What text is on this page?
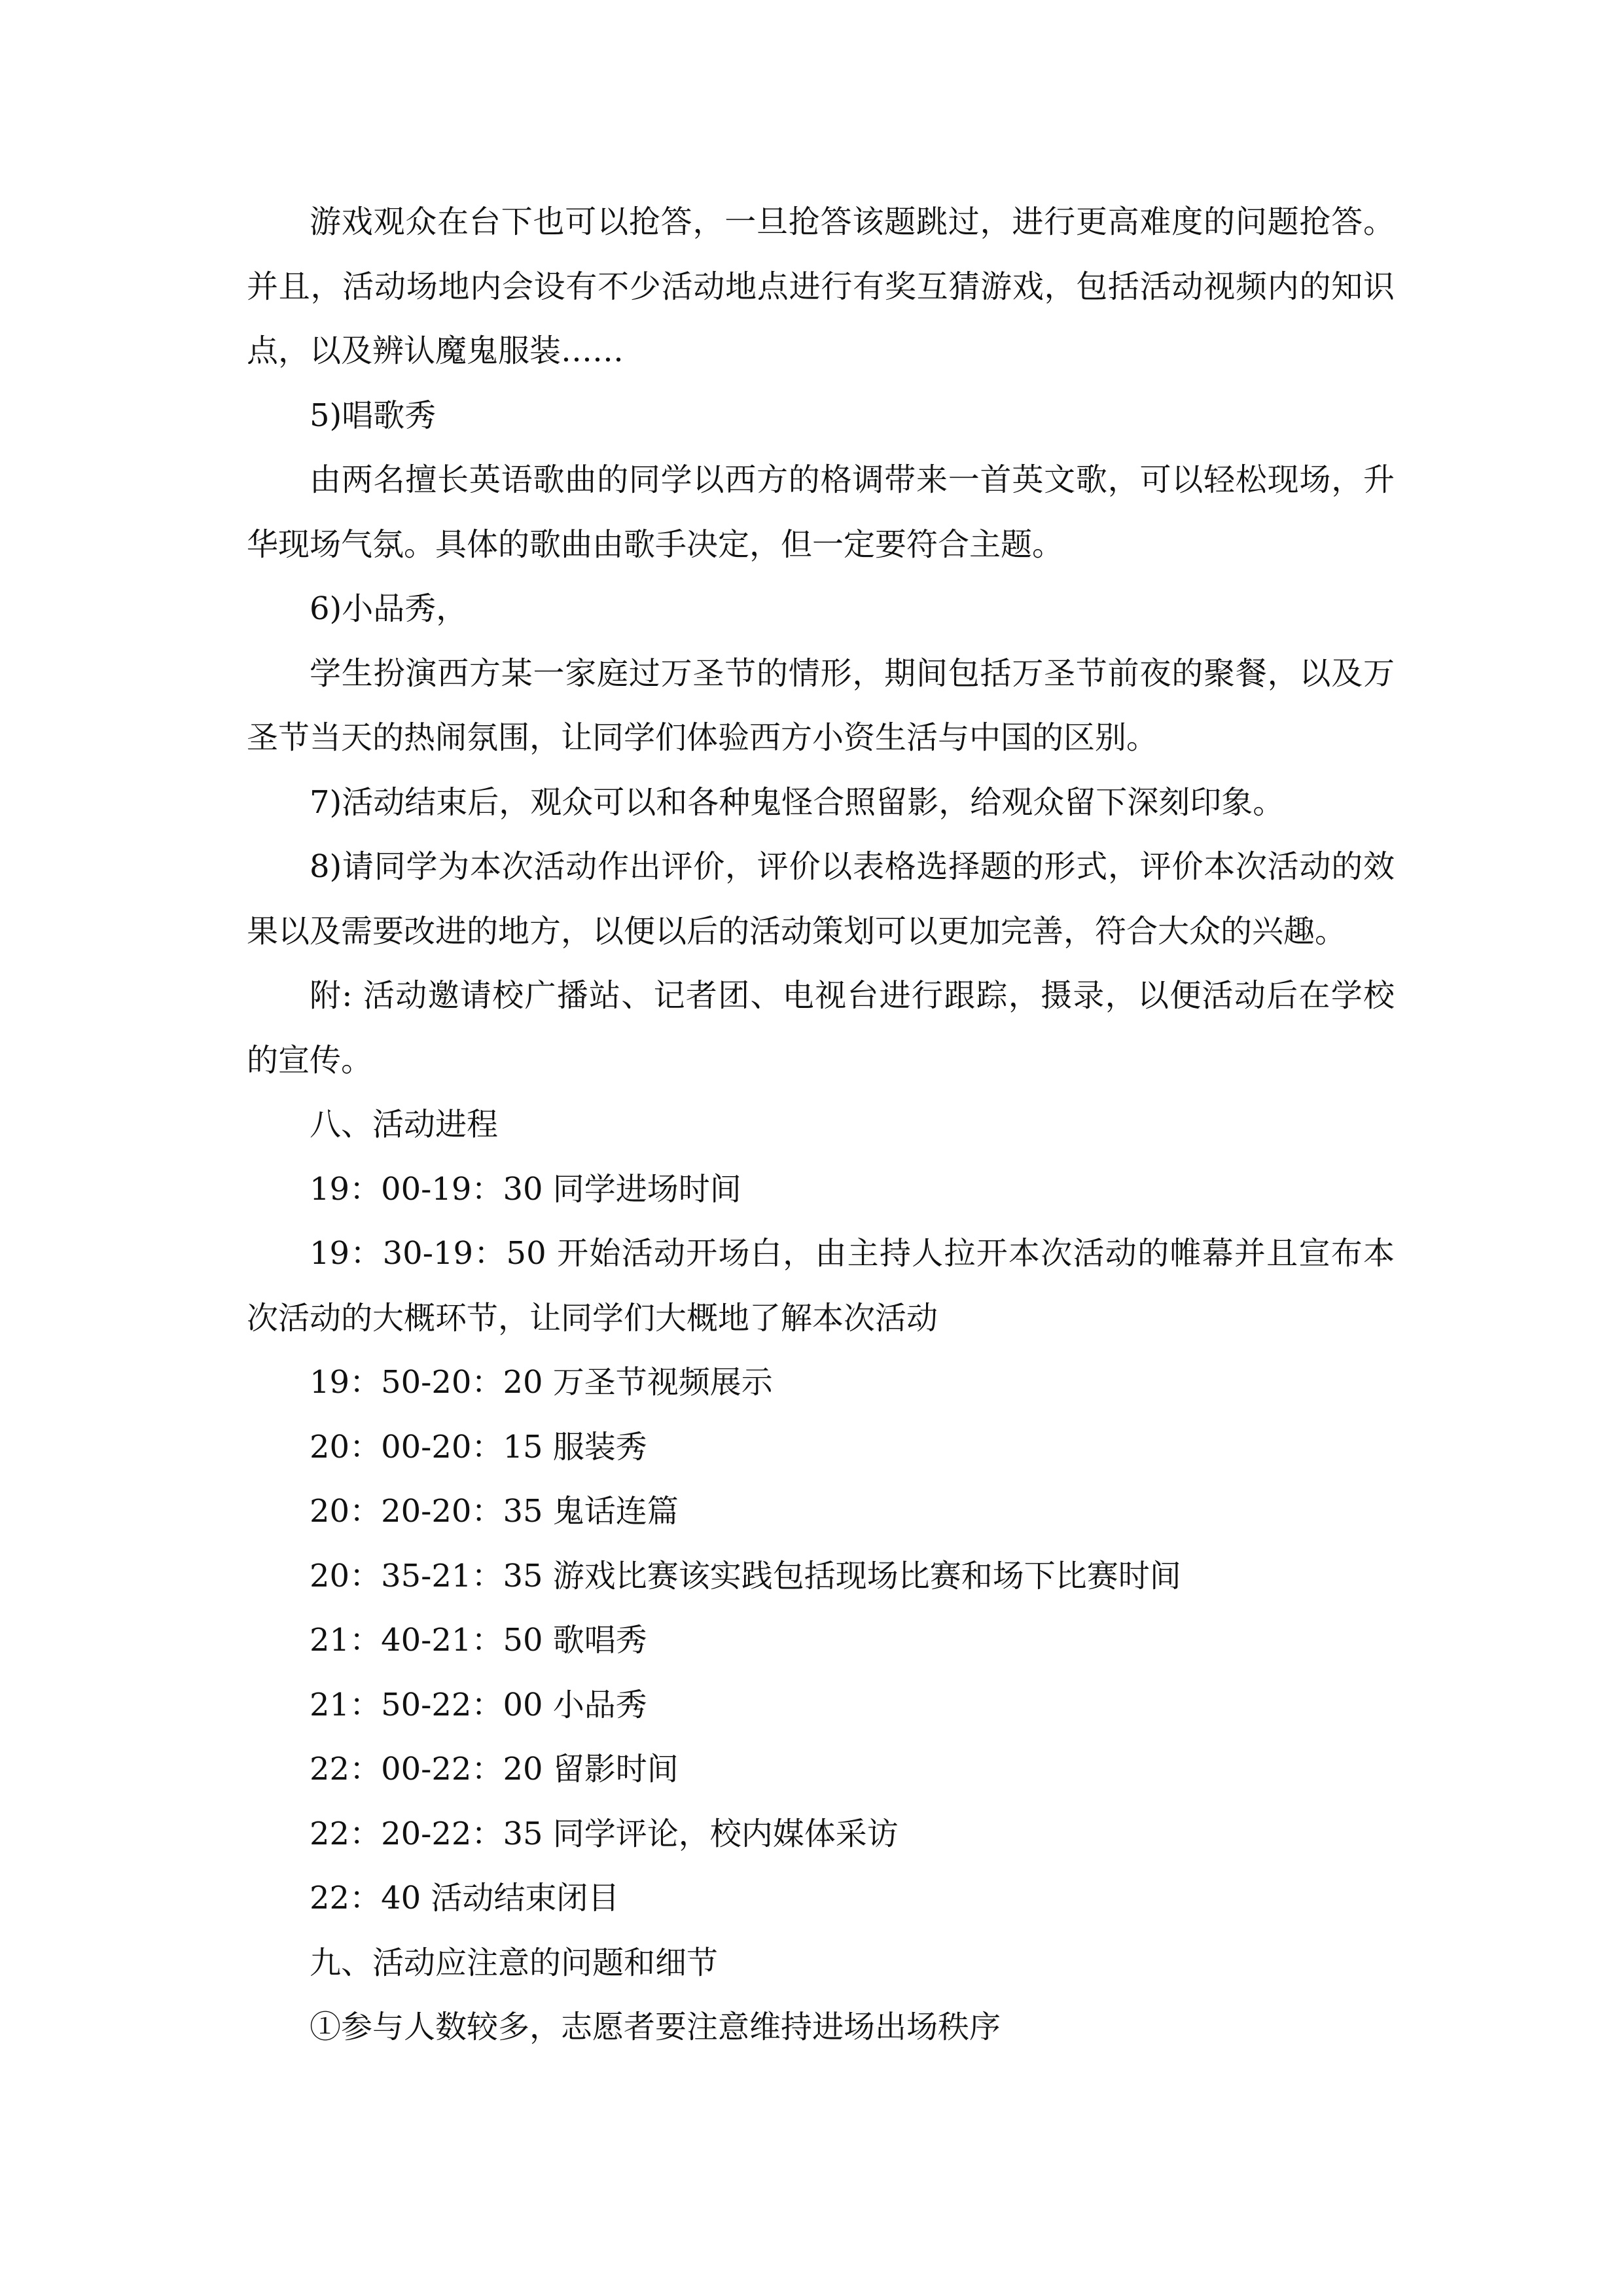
游戏观众在台下也可以抢答，一旦抢答该题跳过，进行更高难度的问题抢答。并且，活动场地内会设有不少活动地点进行有奖互猜游戏，包括活动视频内的知识点，以及辨认魔鬼服装……

5)唱歌秀

由两名擅长英语歌曲的同学以西方的格调带来一首英文歌，可以轻松现场，升华现场气氛。具体的歌曲由歌手决定，但一定要符合主题。

6)小品秀，

学生扮演西方某一家庭过万圣节的情形，期间包括万圣节前夜的聚餐，以及万圣节当天的热闹氛围，让同学们体验西方小资生活与中国的区别。

7)活动结束后，观众可以和各种鬼怪合照留影，给观众留下深刻印象。

8)请同学为本次活动作出评价，评价以表格选择题的形式，评价本次活动的效果以及需要改进的地方，以便以后的活动策划可以更加完善，符合大众的兴趣。

附: 活动邀请校广播站、记者团、电视台进行跟踪，摄录，以便活动后在学校的宣传。

八、活动进程

19：00-19：30 同学进场时间

19：30-19：50 开始活动开场白，由主持人拉开本次活动的帷幕并且宣布本次活动的大概环节，让同学们大概地了解本次活动

19：50-20：20 万圣节视频展示

20：00-20：15 服装秀

20：20-20：35 鬼话连篇

20：35-21：35 游戏比赛该实践包括现场比赛和场下比赛时间

21：40-21：50 歌唱秀

21：50-22：00 小品秀

22：00-22：20 留影时间

22：20-22：35 同学评论，校内媒体采访

22：40 活动结束闭目

九、活动应注意的问题和细节

①参与人数较多，志愿者要注意维持进场出场秩序
